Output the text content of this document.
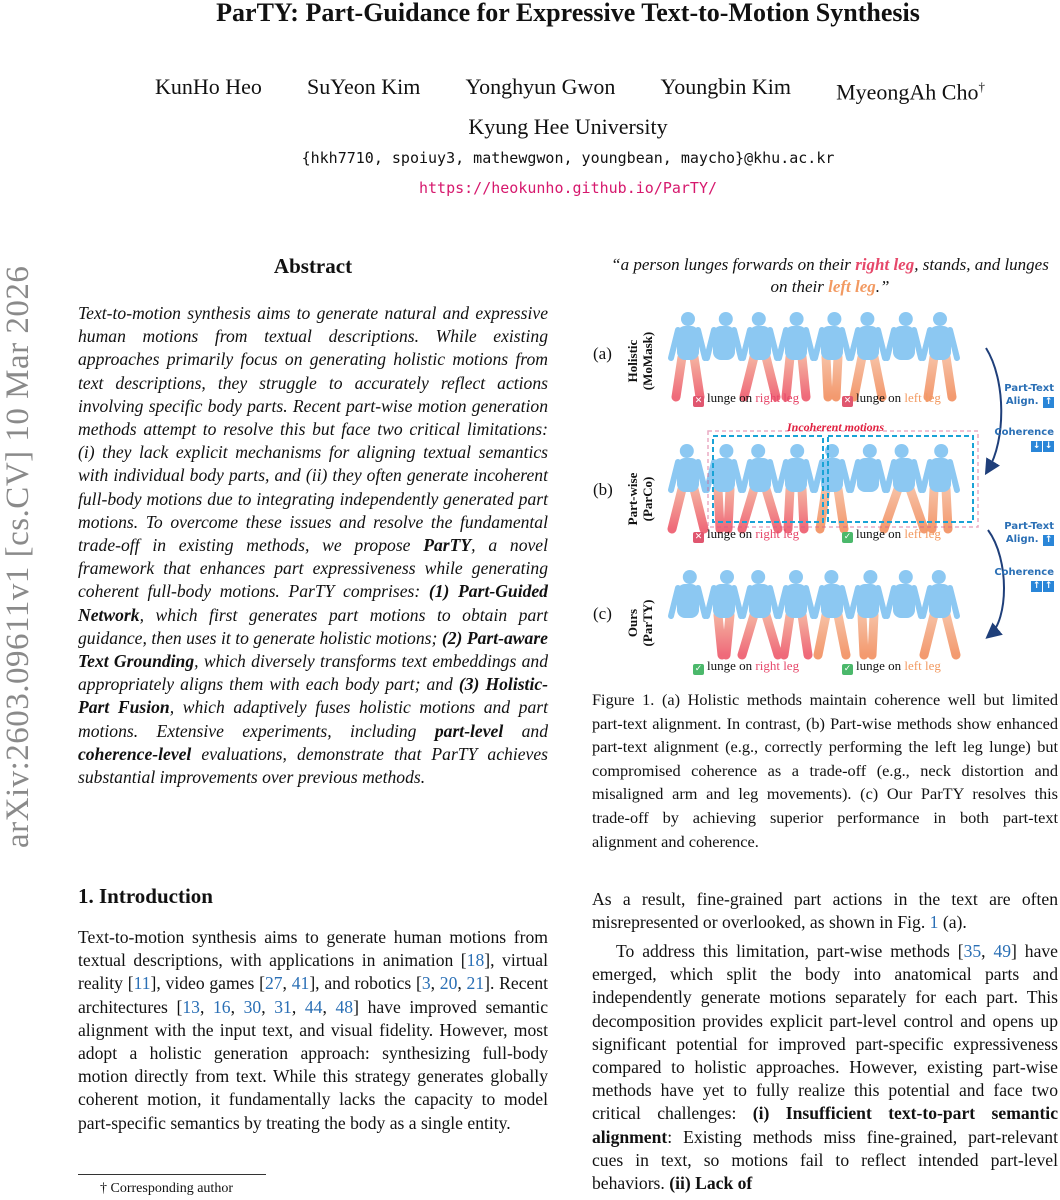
arXiv:2603.09611v1 [cs.CV] 10 Mar 2026
ParTY: Part-Guidance for Expressive Text-to-Motion Synthesis
KunHo Heo SuYeon Kim Yonghyun Gwon Youngbin Kim MyeongAh Cho†
Kyung Hee University
{hkh7710, spoiuy3, mathewgwon, youngbean, maycho}@khu.ac.kr
https://heokunho.github.io/ParTY/
Abstract
Text-to-motion synthesis aims to generate natural and expressive human motions from textual descriptions. While existing approaches primarily focus on generating holistic motions from text descriptions, they struggle to accurately reflect actions involving specific body parts. Recent part-wise motion generation methods attempt to resolve this but face two critical limitations: (i) they lack explicit mechanisms for aligning textual semantics with individual body parts, and (ii) they often generate incoherent full-body motions due to integrating independently generated part motions. To overcome these issues and resolve the fundamental trade-off in existing methods, we propose ParTY, a novel framework that enhances part expressiveness while generating coherent full-body motions. ParTY comprises: (1) Part-Guided Network, which first generates part motions to obtain part guidance, then uses it to generate holistic motions; (2) Part-aware Text Grounding, which diversely transforms text embeddings and appropriately aligns them with each body part; and (3) Holistic-Part Fusion, which adaptively fuses holistic motions and part motions. Extensive experiments, including part-level and coherence-level evaluations, demonstrate that ParTY achieves substantial improvements over previous methods.
1. Introduction
Text-to-motion synthesis aims to generate human motions from textual descriptions, with applications in animation [18], virtual reality [11], video games [27, 41], and robotics [3, 20, 21]. Recent architectures [13, 16, 30, 31, 44, 48] have improved semantic alignment with the input text, and visual fidelity. However, most adopt a holistic generation approach: synthesizing full-body motion directly from text. While this strategy generates globally coherent motion, it fundamentally lacks the capacity to model part-specific semantics by treating the body as a single entity.
† Corresponding author
“a person lunges forwards on their right leg, stands, and lunges on their left leg.”
(a) Holistic (MoMask)
(b) Part-wise (ParCo)
(c) Ours (ParTY)
Incoherent motions
✕ lunge on right leg	✕ lunge on left leg
✕ lunge on right leg	✓ lunge on left leg
✓ lunge on right leg	✓ lunge on left leg
Part-Text
Align. ↑
Coherence
↓ ↓
Part-Text
Align. ↑
Coherence
↑ ↑
Figure 1. (a) Holistic methods maintain coherence well but limited part-text alignment. In contrast, (b) Part-wise methods show enhanced part-text alignment (e.g., correctly performing the left leg lunge) but compromised coherence as a trade-off (e.g., neck distortion and misaligned arm and leg movements). (c) Our ParTY resolves this trade-off by achieving superior performance in both part-text alignment and coherence.
As a result, fine-grained part actions in the text are often misrepresented or overlooked, as shown in Fig. 1 (a).
To address this limitation, part-wise methods [35, 49] have emerged, which split the body into anatomical parts and independently generate motions separately for each part. This decomposition provides explicit part-level control and opens up significant potential for improved part-specific expressiveness compared to holistic approaches. However, existing part-wise methods have yet to fully realize this potential and face two critical challenges: (i) Insufficient text-to-part semantic alignment: Existing methods miss fine-grained, part-relevant cues in text, so motions fail to reflect intended part-level behaviors. (ii) Lack of
